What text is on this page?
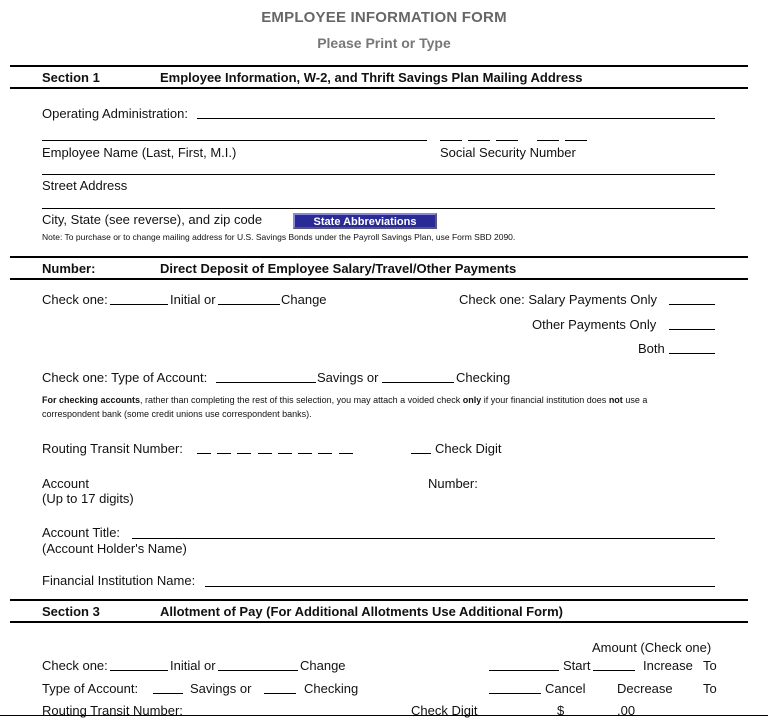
EMPLOYEE INFORMATION FORM
Please Print or Type
Section 1	Employee Information, W-2, and Thrift Savings Plan Mailing Address
Operating Administration:
Employee Name (Last, First, M.I.)	Social Security Number
Street Address
City, State (see reverse), and zip code	State Abbreviations
Note: To purchase or to change mailing address for U.S. Savings Bonds under the Payroll Savings Plan, use Form SBD 2090.
Number:	Direct Deposit of Employee Salary/Travel/Other Payments
Check one:	Initial or	Change	Check one: Salary Payments Only
Other Payments Only
Both
Check one: Type of Account:	Savings or	Checking
For checking accounts, rather than completing the rest of this selection, you may attach a voided check only if your financial institution does not use a
correspondent bank (some credit unions use correspondent banks).
Routing Transit Number:	Check Digit
Account
(Up to 17 digits)
Number:
Account Title:
(Account Holder's Name)
Financial Institution Name:
Section 3	Allotment of Pay (For Additional Allotments Use Additional Form)
Amount (Check one)
Check one:	Initial or	Change	Start	Increase To
Type of Account:	Savings or	Checking	Cancel Decrease To
Routing Transit Number:	Check Digit	$	.00
